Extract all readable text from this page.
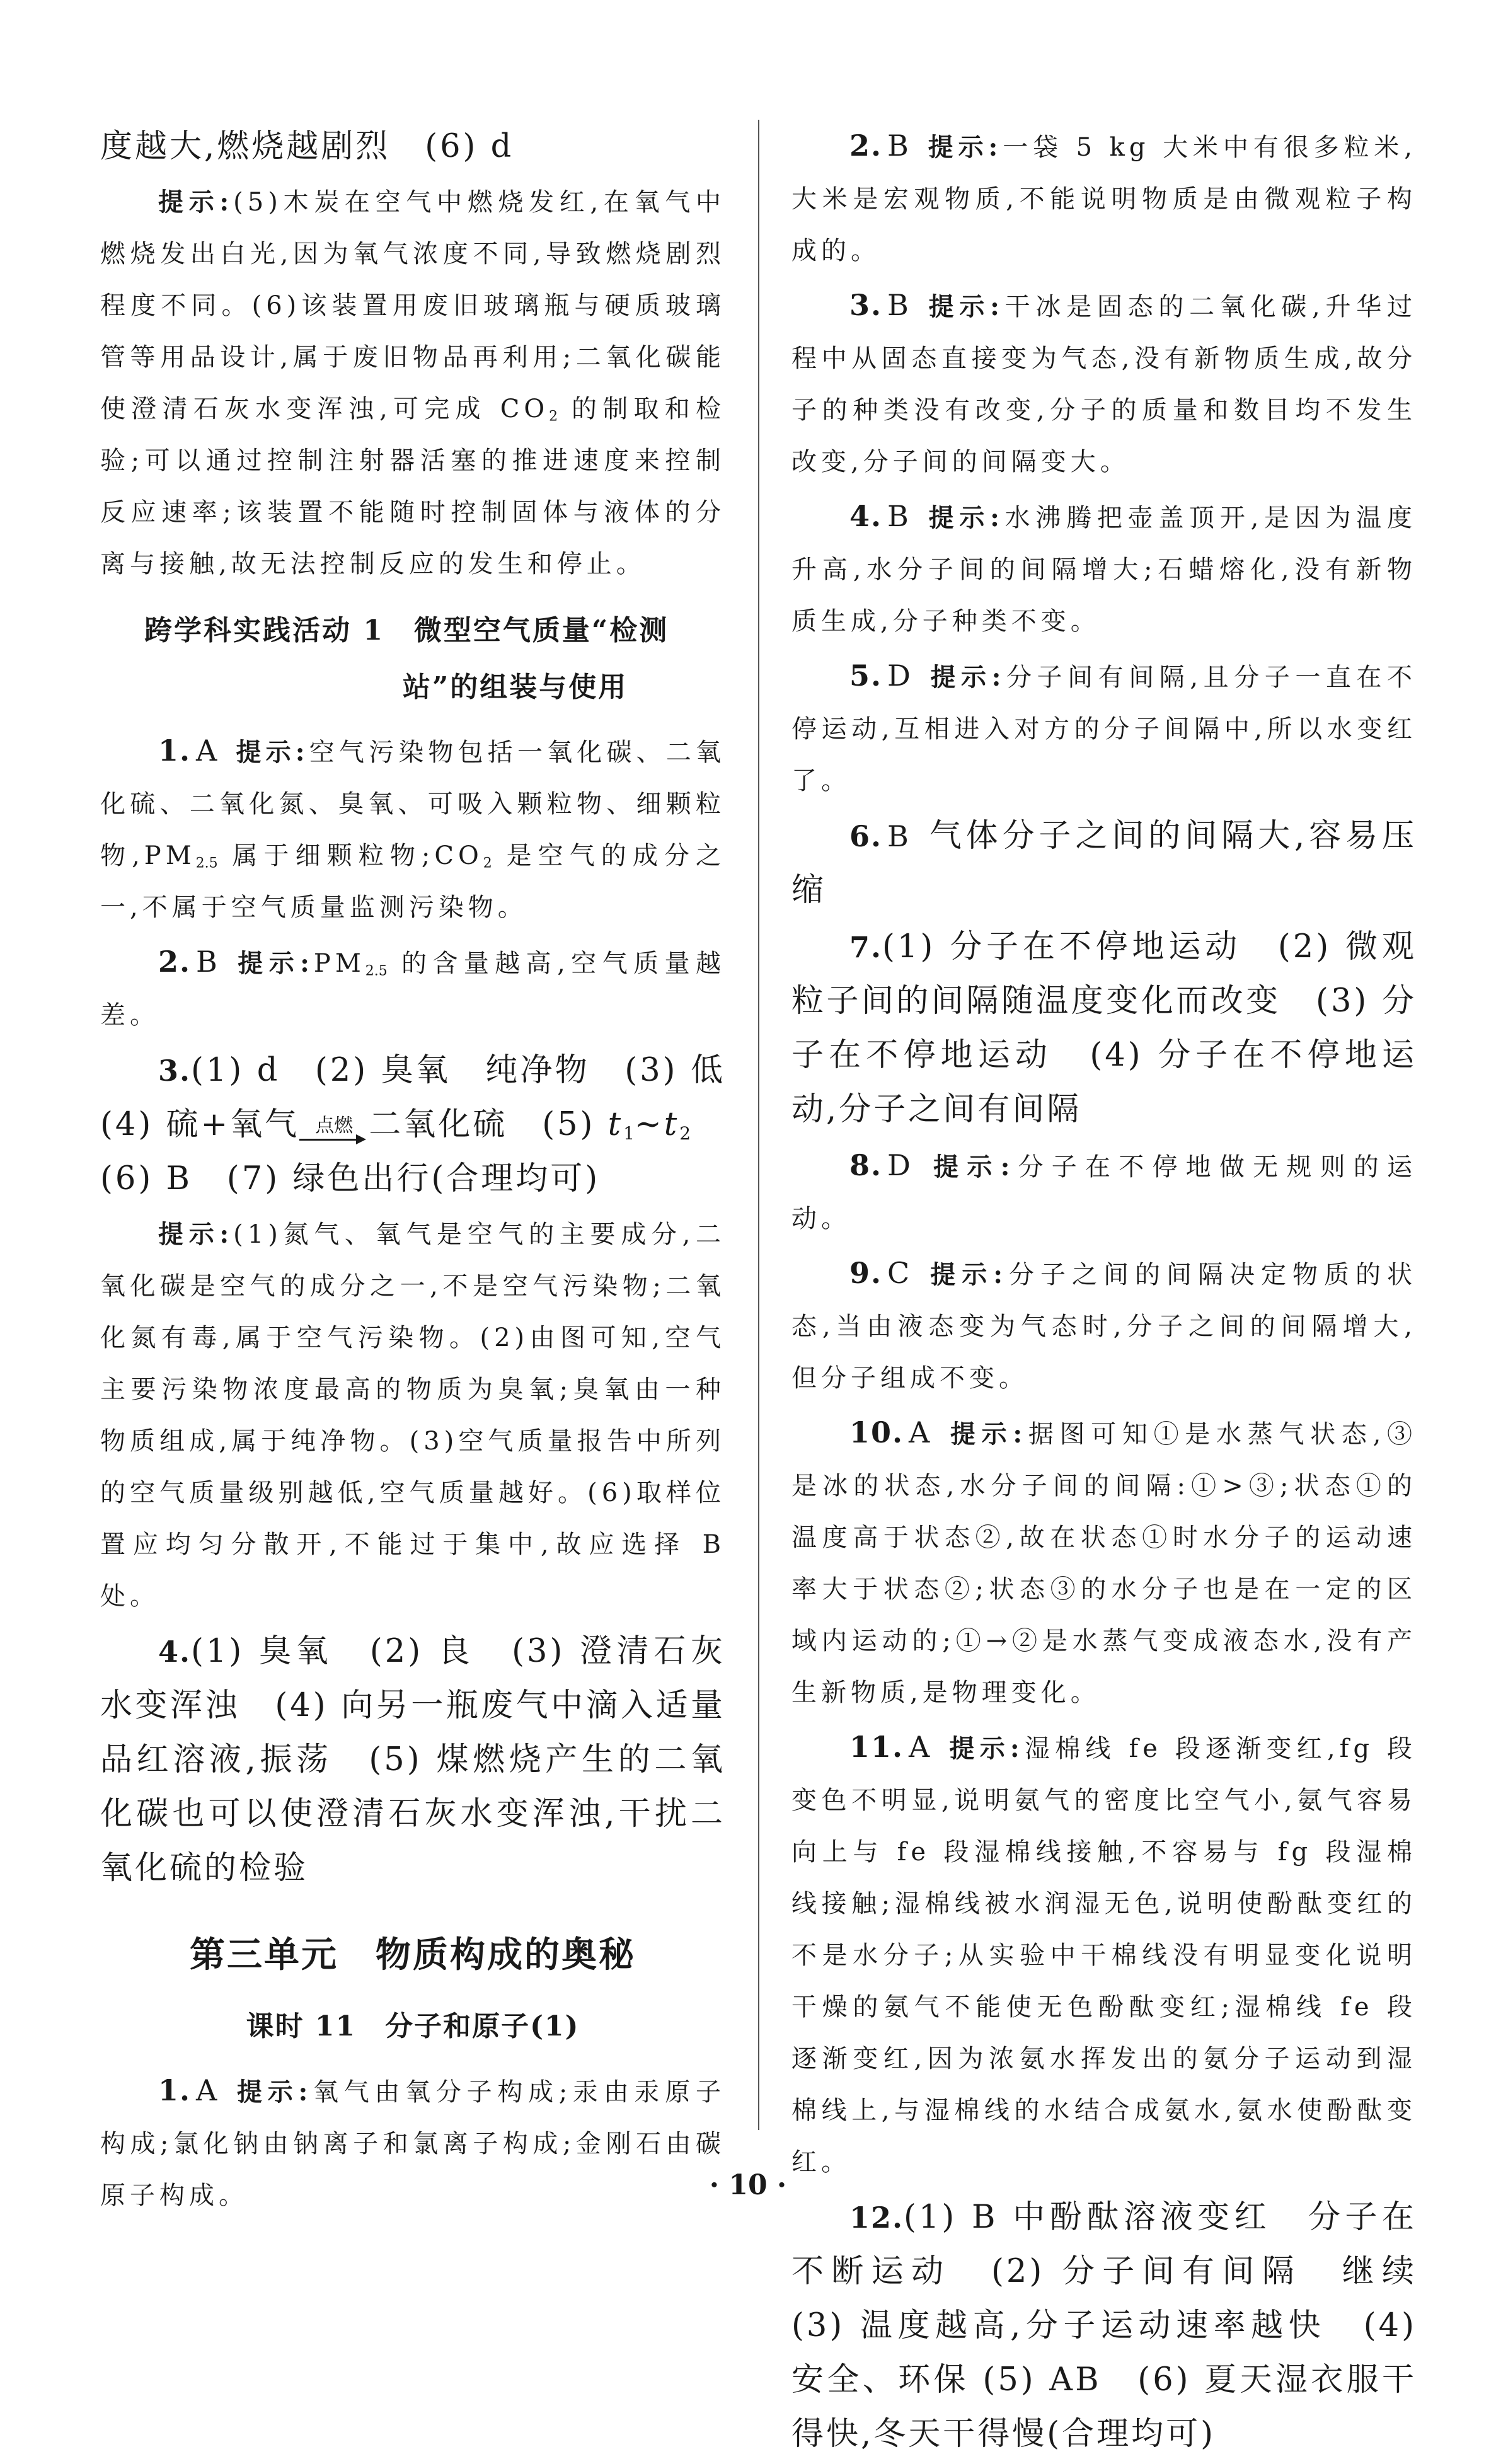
度越大,燃烧越剧烈　(6) d
提示:(5)木炭在空气中燃烧发红,在氧气中燃烧发出白光,因为氧气浓度不同,导致燃烧剧烈程度不同。(6)该装置用废旧玻璃瓶与硬质玻璃管等用品设计,属于废旧物品再利用;二氧化碳能使澄清石灰水变浑浊,可完成 $CO_2$ 的制取和检验;可以通过控制注射器活塞的推进速度来控制反应速率;该装置不能随时控制固体与液体的分离与接触,故无法控制反应的发生和停止。
跨学科实践活动 1　微型空气质量“检测
站”的组装与使用
1. A 提示:空气污染物包括一氧化碳、二氧化硫、二氧化氮、臭氧、可吸入颗粒物、细颗粒物$,PM_{2.5}$ 属于细颗粒物$;CO_2$ 是空气的成分之一,不属于空气质量监测污染物。
2. B 提示$:PM_{2.5}$ 的含量越高,空气质量越差。
3.(1) d　(2) 臭氧　纯净物　(3) 低 (4) 硫+氧气 点燃 二氧化硫　(5) $t_1\sim t_2$　(6) B　(7) 绿色出行(合理均可)
提示:(1)氮气、氧气是空气的主要成分,二氧化碳是空气的成分之一,不是空气污染物;二氧化氮有毒,属于空气污染物。(2)由图可知,空气主要污染物浓度最高的物质为臭氧;臭氧由一种物质组成,属于纯净物。(3)空气质量报告中所列的空气质量级别越低,空气质量越好。(6)取样位置应均匀分散开,不能过于集中,故应选择 B 处。
4.(1) 臭氧　(2) 良　(3) 澄清石灰水变浑浊　(4) 向另一瓶废气中滴入适量品红溶液,振荡　(5) 煤燃烧产生的二氧化碳也可以使澄清石灰水变浑浊,干扰二氧化硫的检验
第三单元　物质构成的奥秘
课时 11　分子和原子(1)
1. A 提示:氧气由氧分子构成;汞由汞原子构成;氯化钠由钠离子和氯离子构成;金刚石由碳原子构成。
2. B 提示:一袋 5 kg 大米中有很多粒米,大米是宏观物质,不能说明物质是由微观粒子构成的。
3. B 提示:干冰是固态的二氧化碳,升华过程中从固态直接变为气态,没有新物质生成,故分子的种类没有改变,分子的质量和数目均不发生改变,分子间的间隔变大。
4. B 提示:水沸腾把壶盖顶开,是因为温度升高,水分子间的间隔增大;石蜡熔化,没有新物质生成,分子种类不变。
5. D 提示:分子间有间隔,且分子一直在不停运动,互相进入对方的分子间隔中,所以水变红了。
6. B 气体分子之间的间隔大,容易压缩
7.(1) 分子在不停地运动　(2) 微观粒子间的间隔随温度变化而改变　(3) 分子在不停地运动　(4) 分子在不停地运动,分子之间有间隔
8. D 提示:分子在不停地做无规则的运动。
9. C 提示:分子之间的间隔决定物质的状态,当由液态变为气态时,分子之间的间隔增大,但分子组成不变。
10. A 提示:据图可知①是水蒸气状态,③是冰的状态,水分子间的间隔:①>③;状态①的温度高于状态②,故在状态①时水分子的运动速率大于状态②;状态③的水分子也是在一定的区域内运动的;①→②是水蒸气变成液态水,没有产生新物质,是物理变化。
11. A 提示:湿棉线 fe 段逐渐变红,fg 段变色不明显,说明氨气的密度比空气小,氨气容易向上与 fe 段湿棉线接触,不容易与 fg 段湿棉线接触;湿棉线被水润湿无色,说明使酚酞变红的不是水分子;从实验中干棉线没有明显变化说明干燥的氨气不能使无色酚酞变红;湿棉线 fe 段逐渐变红,因为浓氨水挥发出的氨分子运动到湿棉线上,与湿棉线的水结合成氨水,氨水使酚酞变红。
12.(1) B 中酚酞溶液变红　分子在不断运动　(2) 分子间有间隔　继续　(3) 温度越高,分子运动速率越快　(4) 安全、环保 (5) AB　(6) 夏天湿衣服干得快,冬天干得慢(合理均可)
· 10 ·
